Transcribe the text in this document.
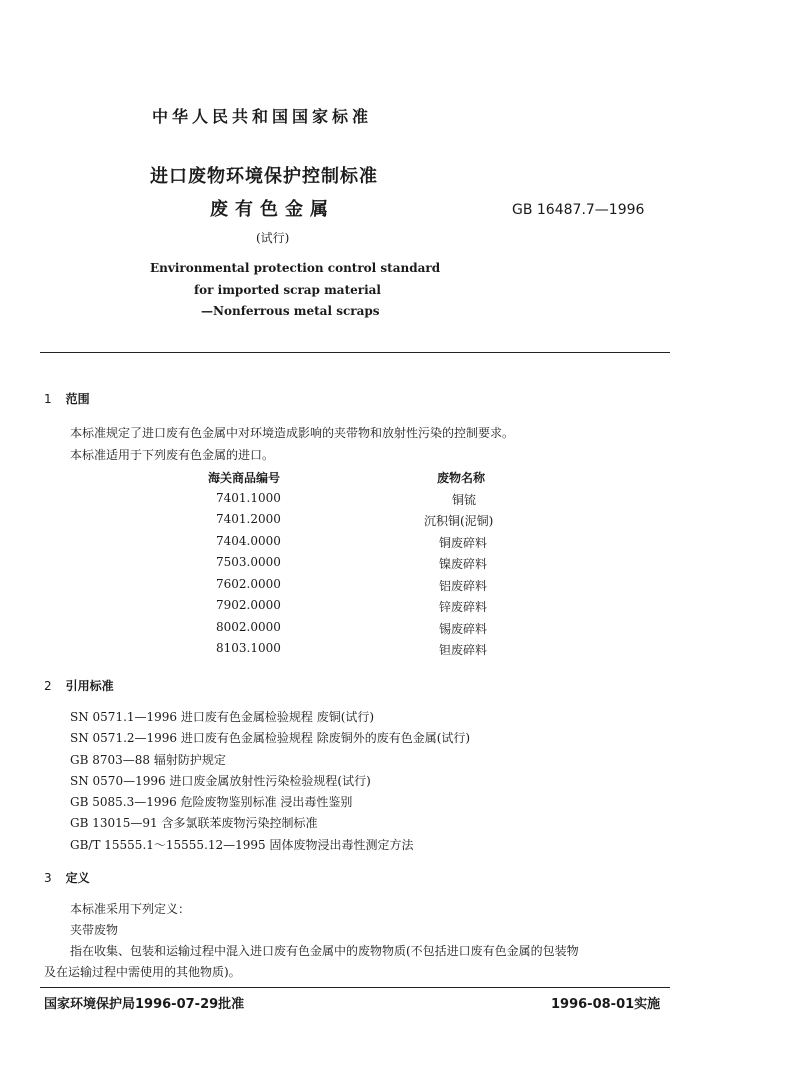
中华人民共和国国家标准
进口废物环境保护控制标准
废有色金属
(试行)
GB 16487.7—1996
Environmental protection control standard
for imported scrap material
—Nonferrous metal scraps
1 范围
本标准规定了进口废有色金属中对环境造成影响的夹带物和放射性污染的控制要求。
本标准适用于下列废有色金属的进口。
海关商品编号	废物名称
7401.1000	铜锍
7401.2000	沉积铜(泥铜)
7404.0000	铜废碎料
7503.0000	镍废碎料
7602.0000	铝废碎料
7902.0000	锌废碎料
8002.0000	锡废碎料
8103.1000	钽废碎料
2 引用标准
SN 0571.1—1996 进口废有色金属检验规程 废铜(试行)
SN 0571.2—1996 进口废有色金属检验规程 除废铜外的废有色金属(试行)
GB 8703—88 辐射防护规定
SN 0570—1996 进口废金属放射性污染检验规程(试行)
GB 5085.3—1996 危险废物鉴别标准 浸出毒性鉴别
GB 13015—91 含多氯联苯废物污染控制标准
GB/T 15555.1～15555.12—1995 固体废物浸出毒性测定方法
3 定义
本标准采用下列定义：
夹带废物
指在收集、包装和运输过程中混入进口废有色金属中的废物物质(不包括进口废有色金属的包装物
及在运输过程中需使用的其他物质)。
国家环境保护局1996-07-29批准	1996-08-01实施
